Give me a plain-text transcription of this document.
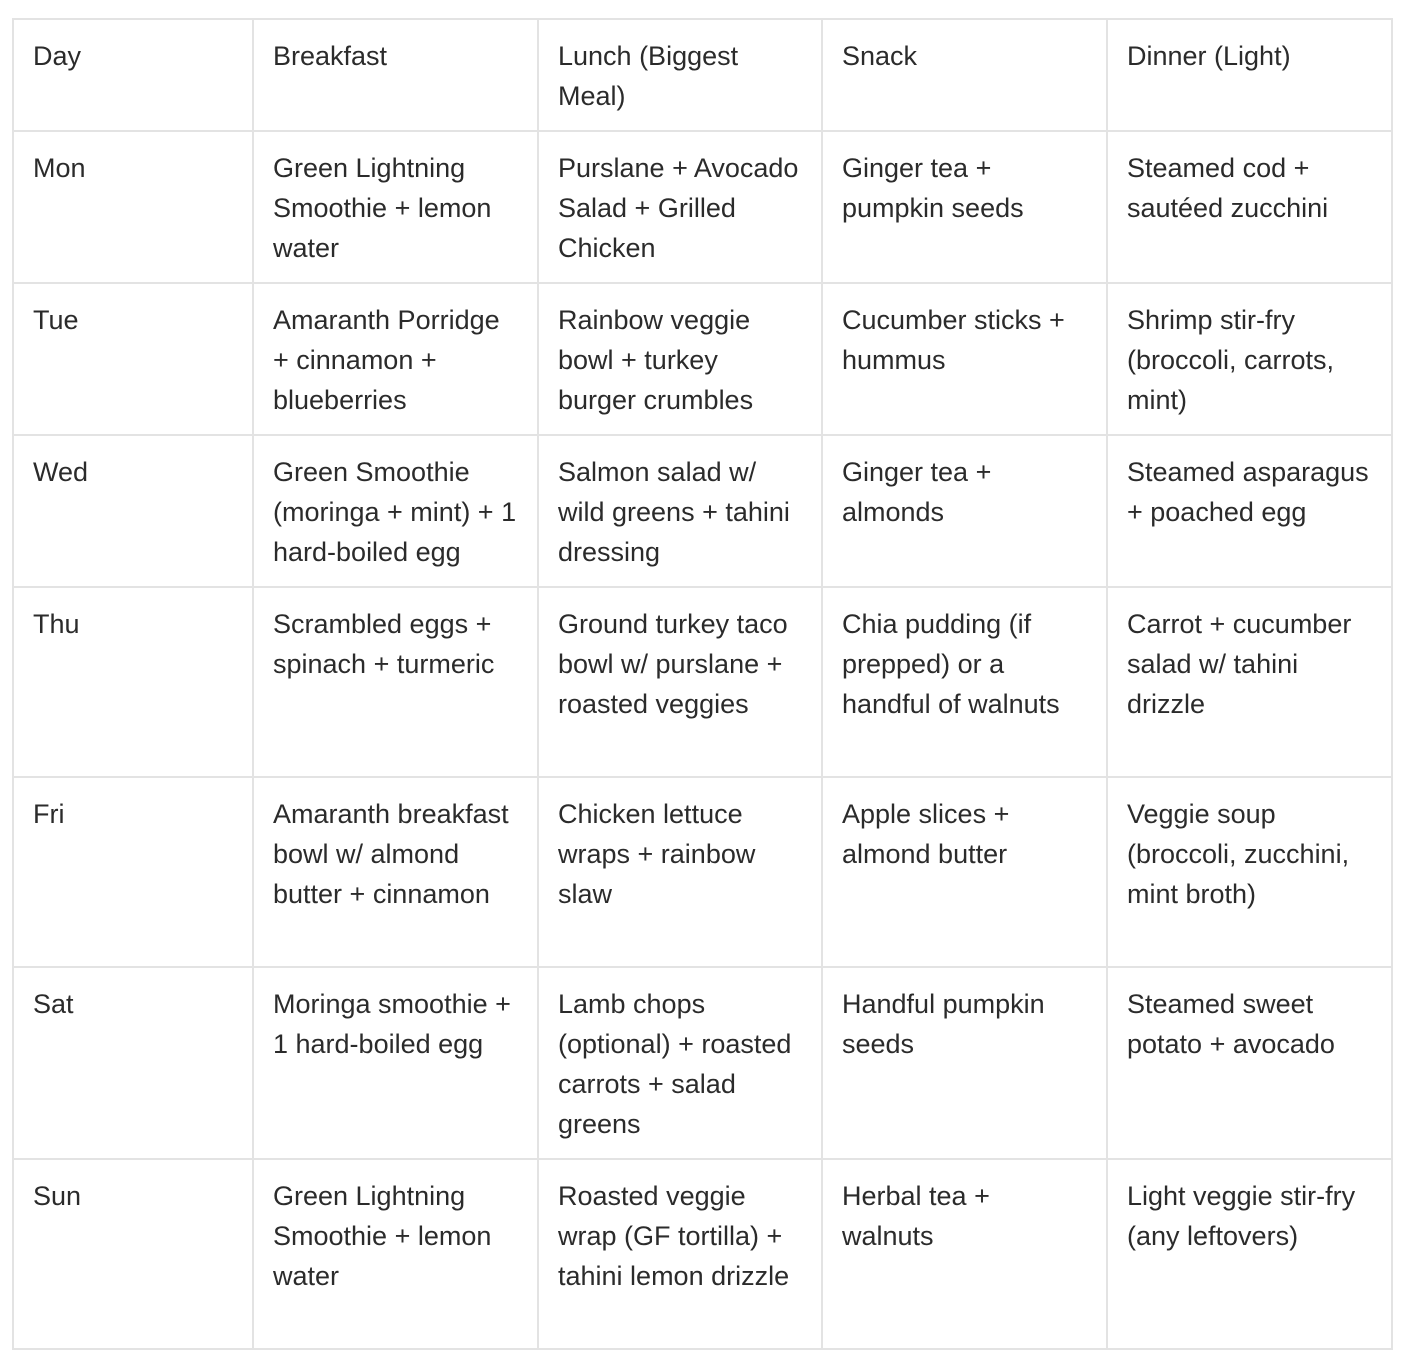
Day	Breakfast	Lunch (Biggest Meal)	Snack	Dinner (Light)
Mon	Green Lightning Smoothie + lemon water	Purslane + Avocado Salad + Grilled Chicken	Ginger tea + pumpkin seeds	Steamed cod + sautéed zucchini
Tue	Amaranth Porridge + cinnamon + blueberries	Rainbow veggie bowl + turkey burger crumbles	Cucumber sticks + hummus	Shrimp stir-fry (broccoli, carrots, mint)
Wed	Green Smoothie (moringa + mint) + 1 hard-boiled egg	Salmon salad w/ wild greens + tahini dressing	Ginger tea + almonds	Steamed asparagus + poached egg
Thu	Scrambled eggs + spinach + turmeric	Ground turkey taco bowl w/ purslane + roasted veggies	Chia pudding (if prepped) or a handful of walnuts	Carrot + cucumber salad w/ tahini drizzle
Fri	Amaranth breakfast bowl w/ almond butter + cinnamon	Chicken lettuce wraps + rainbow slaw	Apple slices + almond butter	Veggie soup (broccoli, zucchini, mint broth)
Sat	Moringa smoothie + 1 hard-boiled egg	Lamb chops (optional) + roasted carrots + salad greens	Handful pumpkin seeds	Steamed sweet potato + avocado
Sun	Green Lightning Smoothie + lemon water	Roasted veggie wrap (GF tortilla) + tahini lemon drizzle	Herbal tea + walnuts	Light veggie stir-fry (any leftovers)
